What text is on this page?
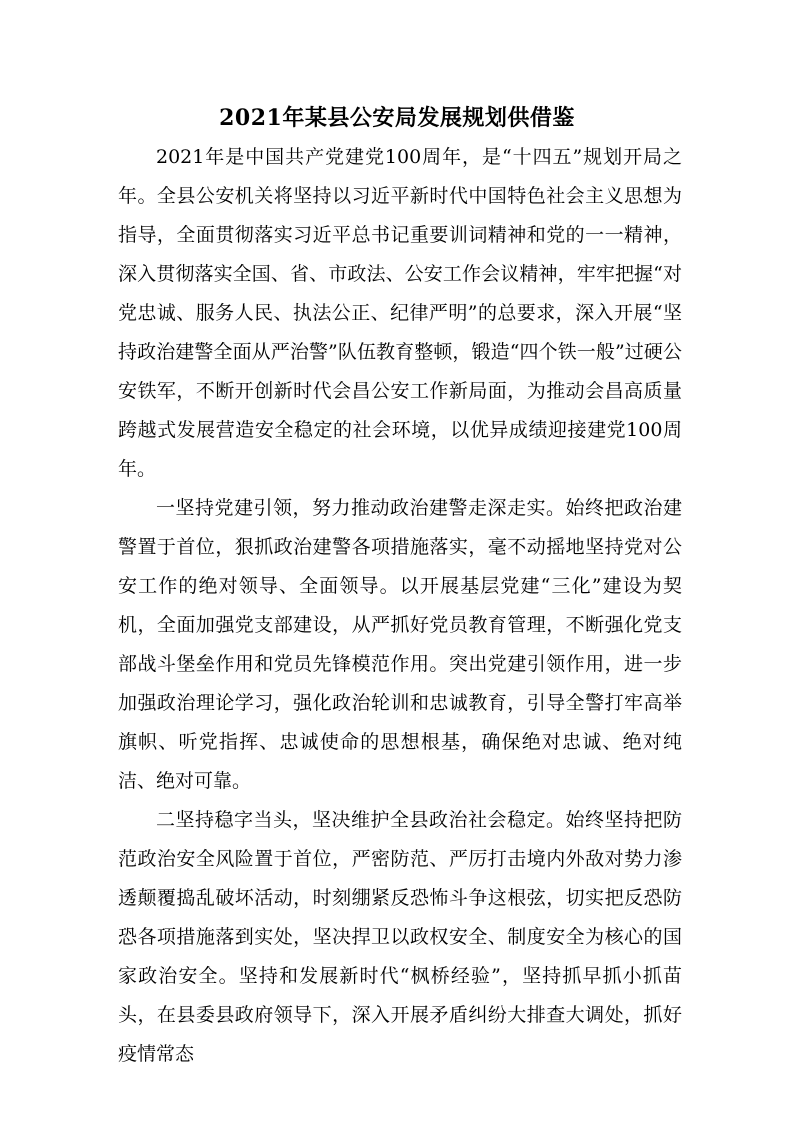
2021年某县公安局发展规划供借鉴

2021年是中国共产党建党100周年，是“十四五”规划开局之年。全县公安机关将坚持以习近平新时代中国特色社会主义思想为指导，全面贯彻落实习近平总书记重要训词精神和党的一一精神，深入贯彻落实全国、省、市政法、公安工作会议精神，牢牢把握“对党忠诚、服务人民、执法公正、纪律严明”的总要求，深入开展“坚持政治建警全面从严治警”队伍教育整顿，锻造“四个铁一般”过硬公安铁军，不断开创新时代会昌公安工作新局面，为推动会昌高质量跨越式发展营造安全稳定的社会环境，以优异成绩迎接建党100周年。

一坚持党建引领，努力推动政治建警走深走实。始终把政治建警置于首位，狠抓政治建警各项措施落实，毫不动摇地坚持党对公安工作的绝对领导、全面领导。以开展基层党建“三化”建设为契机，全面加强党支部建设，从严抓好党员教育管理，不断强化党支部战斗堡垒作用和党员先锋模范作用。突出党建引领作用，进一步加强政治理论学习，强化政治轮训和忠诚教育，引导全警打牢高举旗帜、听党指挥、忠诚使命的思想根基，确保绝对忠诚、绝对纯洁、绝对可靠。

二坚持稳字当头，坚决维护全县政治社会稳定。始终坚持把防范政治安全风险置于首位，严密防范、严厉打击境内外敌对势力渗透颠覆捣乱破坏活动，时刻绷紧反恐怖斗争这根弦，切实把反恐防恐各项措施落到实处，坚决捍卫以政权安全、制度安全为核心的国家政治安全。坚持和发展新时代“枫桥经验”，坚持抓早抓小抓苗头，在县委县政府领导下，深入开展矛盾纠纷大排查大调处，抓好疫情常态
